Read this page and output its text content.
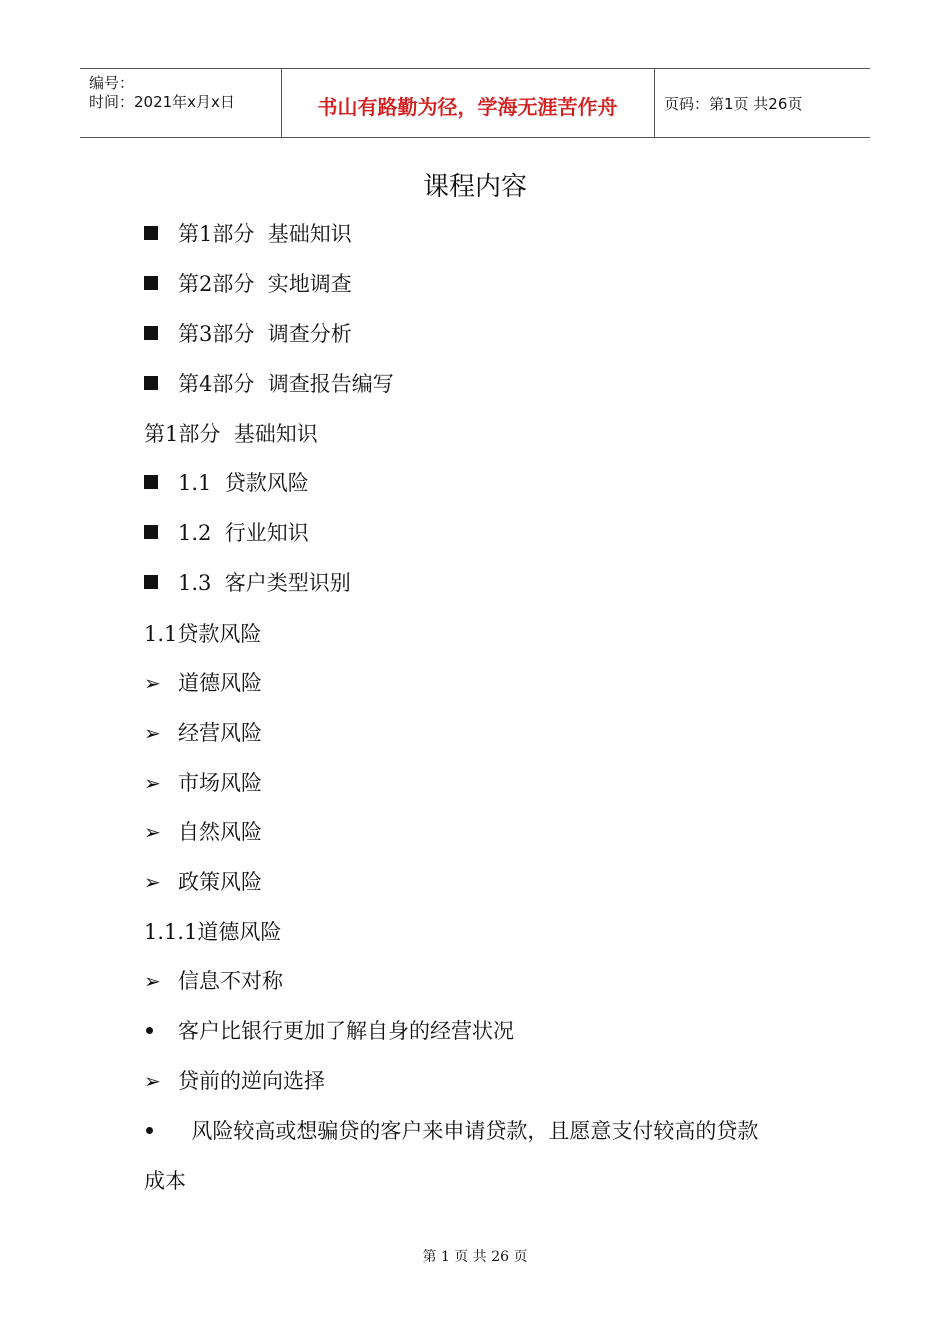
编号：
时间：2021年x月x日	书山有路勤为径，学海无涯苦作舟	页码：第1页 共26页
课程内容
第1部分  基础知识
第2部分  实地调查
第3部分  调查分析
第4部分  调查报告编写
第1部分  基础知识
1.1  贷款风险
1.2  行业知识
1.3  客户类型识别
1.1贷款风险
➢ 道德风险
➢ 经营风险
➢ 市场风险
➢ 自然风险
➢ 政策风险
1.1.1道德风险
➢ 信息不对称
客户比银行更加了解自身的经营状况
➢ 贷前的逆向选择
风险较高或想骗贷的客户来申请贷款，且愿意支付较高的贷款
成本
第 1 页 共 26 页
